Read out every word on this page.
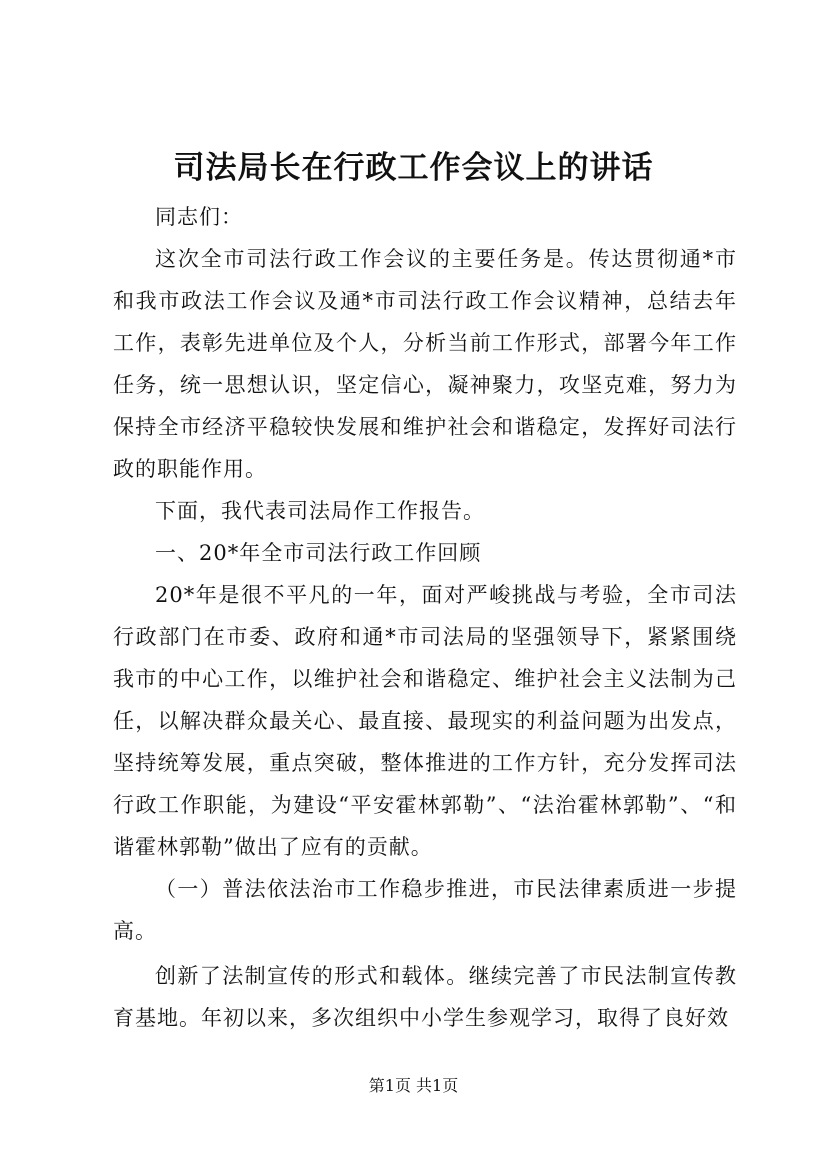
司法局长在行政工作会议上的讲话

同志们：

这次全市司法行政工作会议的主要任务是。传达贯彻通*市和我市政法工作会议及通*市司法行政工作会议精神，总结去年工作，表彰先进单位及个人，分析当前工作形式，部署今年工作任务，统一思想认识，坚定信心，凝神聚力，攻坚克难，努力为保持全市经济平稳较快发展和维护社会和谐稳定，发挥好司法行政的职能作用。

下面，我代表司法局作工作报告。

一、20*年全市司法行政工作回顾

20*年是很不平凡的一年，面对严峻挑战与考验，全市司法行政部门在市委、政府和通*市司法局的坚强领导下，紧紧围绕我市的中心工作，以维护社会和谐稳定、维护社会主义法制为己任，以解决群众最关心、最直接、最现实的利益问题为出发点，坚持统筹发展，重点突破，整体推进的工作方针，充分发挥司法行政工作职能，为建设“平安霍林郭勒”、“法治霍林郭勒”、“和谐霍林郭勒”做出了应有的贡献。

（一）普法依法治市工作稳步推进，市民法律素质进一步提高。

创新了法制宣传的形式和载体。继续完善了市民法制宣传教育基地。年初以来，多次组织中小学生参观学习，取得了良好效

第1页 共1页
